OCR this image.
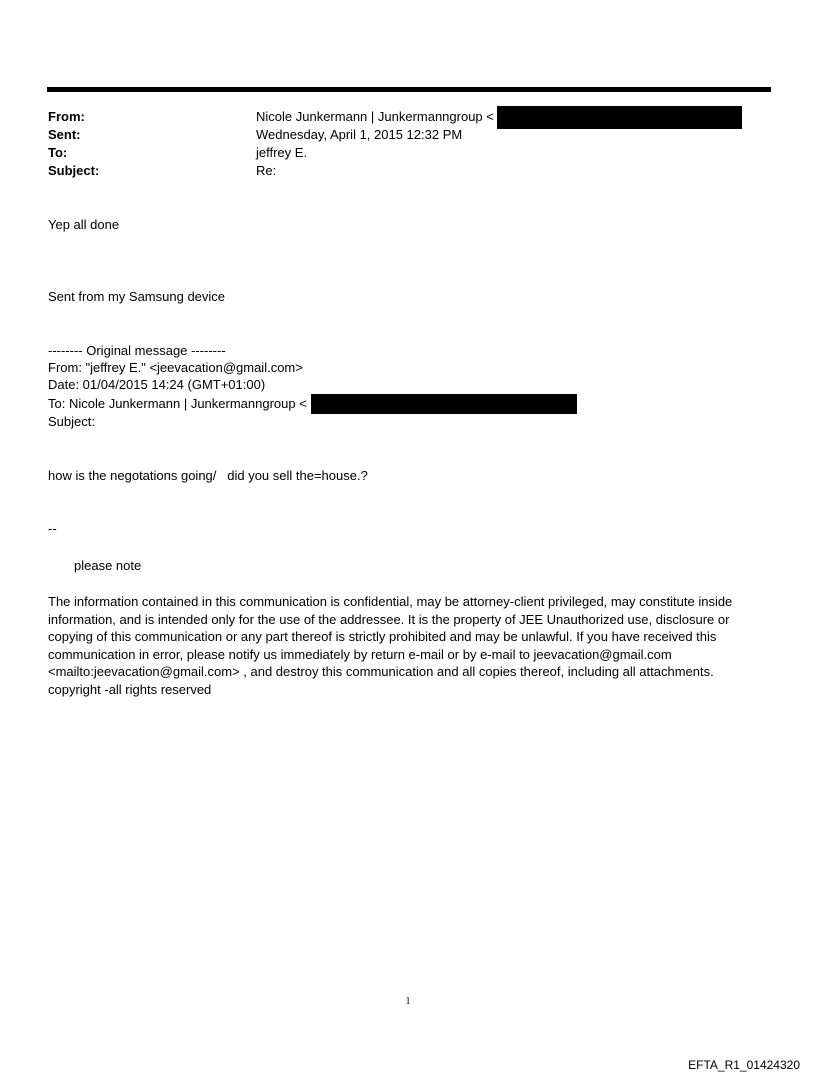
From:	Nicole Junkermann | Junkermanngroup <
Sent:	Wednesday, April 1, 2015 12:32 PM
To:	jeffrey E.
Subject:	Re:
Yep all done
Sent from my Samsung device
-------- Original message --------
From: "jeffrey E." <jeevacation@gmail.com>
Date: 01/04/2015 14:24 (GMT+01:00)
To: Nicole Junkermann | Junkermanngroup <
Subject:
how is the negotations going/   did you sell the=house.?
--
please note
The information contained in this communication is confidential, may be attorney-client privileged, may constitute inside information, and is intended only for the use of the addressee. It is the property of JEE Unauthorized use, disclosure or copying of this communication or any part thereof is strictly prohibited and may be unlawful. If you have received this communication in error, please notify us immediately by return e-mail or by e-mail to jeevacation@gmail.com <mailto:jeevacation@gmail.com> , and destroy this communication and all copies thereof, including all attachments. copyright -all rights reserved
1
EFTA_R1_01424320
